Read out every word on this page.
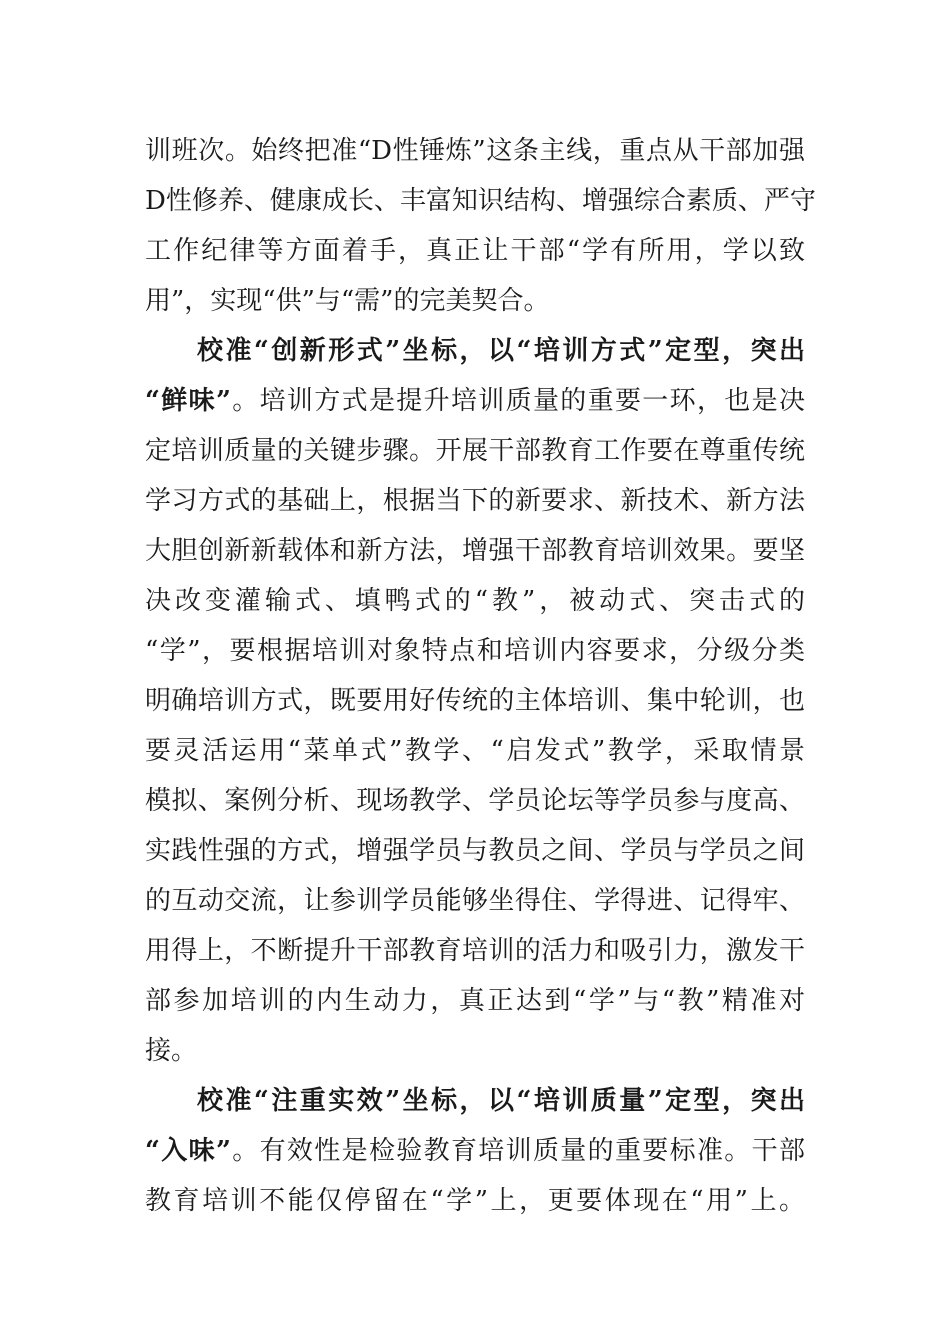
训班次。始终把准“D性锤炼”这条主线，重点从干部加强
D性修养、健康成长、丰富知识结构、增强综合素质、严守
工作纪律等方面着手，真正让干部“学有所用，学以致
用”，实现“供”与“需”的完美契合。
校准“创新形式”坐标，以“培训方式”定型，突出
“鲜味”。培训方式是提升培训质量的重要一环，也是决
定培训质量的关键步骤。开展干部教育工作要在尊重传统
学习方式的基础上，根据当下的新要求、新技术、新方法
大胆创新新载体和新方法，增强干部教育培训效果。要坚
决改变灌输式、填鸭式的“教”，被动式、突击式的
“学”，要根据培训对象特点和培训内容要求，分级分类
明确培训方式，既要用好传统的主体培训、集中轮训，也
要灵活运用“菜单式”教学、“启发式”教学，采取情景
模拟、案例分析、现场教学、学员论坛等学员参与度高、
实践性强的方式，增强学员与教员之间、学员与学员之间
的互动交流，让参训学员能够坐得住、学得进、记得牢、
用得上，不断提升干部教育培训的活力和吸引力，激发干
部参加培训的内生动力，真正达到“学”与“教”精准对
接。
校准“注重实效”坐标，以“培训质量”定型，突出
“入味”。有效性是检验教育培训质量的重要标准。干部
教育培训不能仅停留在“学”上，更要体现在“用”上。
